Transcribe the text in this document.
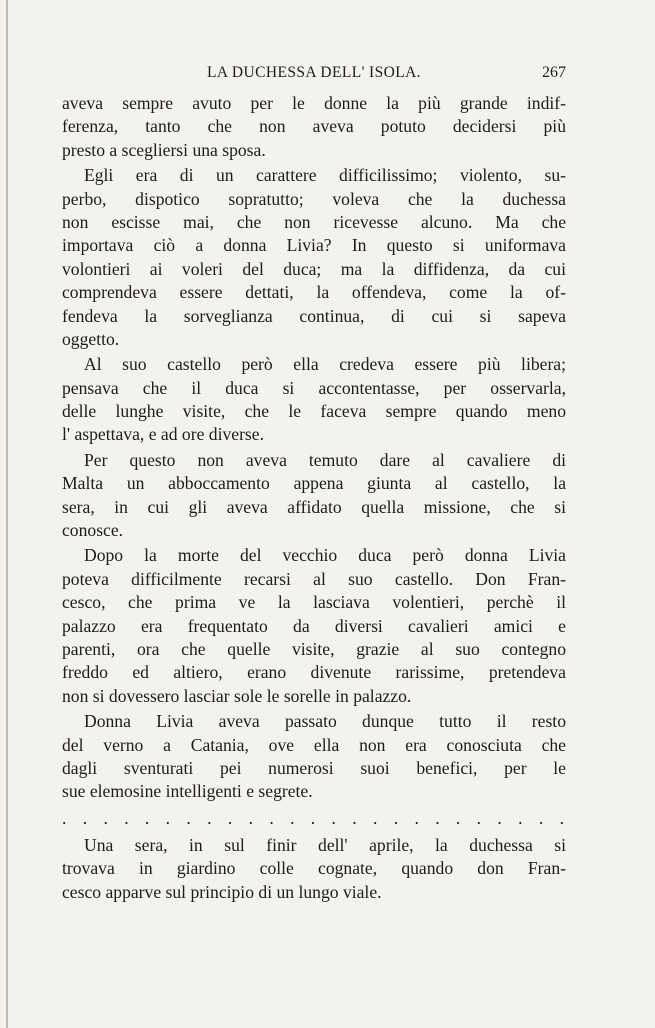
LA DUCHESSA DELL' ISOLA.	267
aveva sempre avuto per le donne la più grande indif-
ferenza, tanto che non aveva potuto decidersi più
presto a scegliersi una sposa.
Egli era di un carattere difficilissimo; violento, su-
perbo, dispotico sopratutto; voleva che la duchessa
non escisse mai, che non ricevesse alcuno. Ma che
importava ciò a donna Livia? In questo si uniformava
volontieri ai voleri del duca; ma la diffidenza, da cui
comprendeva essere dettati, la offendeva, come la of-
fendeva la sorveglianza continua, di cui si sapeva
oggetto.
Al suo castello però ella credeva essere più libera;
pensava che il duca si accontentasse, per osservarla,
delle lunghe visite, che le faceva sempre quando meno
l' aspettava, e ad ore diverse.
Per questo non aveva temuto dare al cavaliere di
Malta un abboccamento appena giunta al castello, la
sera, in cui gli aveva affidato quella missione, che si
conosce.
Dopo la morte del vecchio duca però donna Livia
poteva difficilmente recarsi al suo castello. Don Fran-
cesco, che prima ve la lasciava volentieri, perchè il
palazzo era frequentato da diversi cavalieri amici e
parenti, ora che quelle visite, grazie al suo contegno
freddo ed altiero, erano divenute rarissime, pretendeva
non si dovessero lasciar sole le sorelle in palazzo.
Donna Livia aveva passato dunque tutto il resto
del verno a Catania, ove ella non era conosciuta che
dagli sventurati pei numerosi suoi benefici, per le
sue elemosine intelligenti e segrete.
. . . . . . . . . . . . . . . . . . . . . . . . .
Una sera, in sul finir dell' aprile, la duchessa si
trovava in giardino colle cognate, quando don Fran-
cesco apparve sul principio di un lungo viale.
